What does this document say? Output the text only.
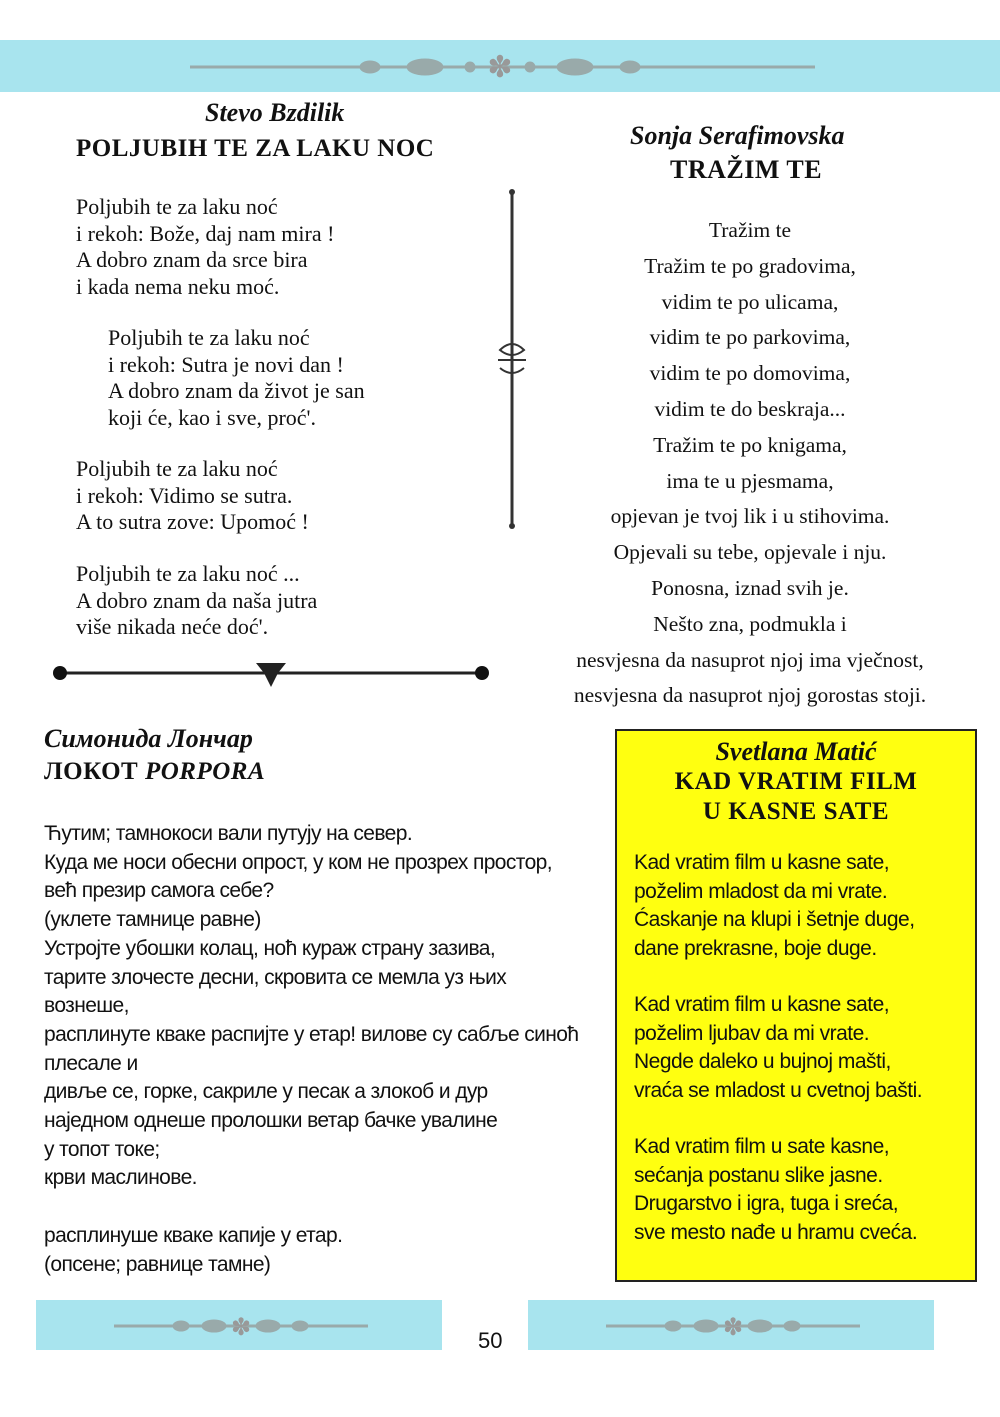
✽
Stevo Bzdilik
POLJUBIH TE ZA LAKU NOC

Poljubih te za laku noć
i rekoh: Bože, daj nam mira !
A dobro znam da srce bira
i kada nema neku moć.

Poljubih te za laku noć
i rekoh: Sutra je novi dan !
A dobro znam da život je san
koji će, kao i sve, proć'.

Poljubih te za laku noć
i rekoh: Vidimo se sutra.
A to sutra zove: Upomoć !

Poljubih te za laku noć ...
A dobro znam da naša jutra
više nikada neće doć'.

Sonja Serafimovska
TRAŽIM TE
Tražim te
Tražim te po gradovima,
vidim te po ulicama,
vidim te po parkovima,
vidim te po domovima,
vidim te do beskraja...
Tražim te po knigama,
ima te u pjesmama,
opjevan je tvoj lik i u stihovima.
Opjevali su tebe, opjevale i nju.
Ponosna, iznad svih je.
Nešto zna, podmukla i
nesvjesna da nasuprot njoj ima vječnost,
nesvjesna da nasuprot njoj gorostas stoji.
Симонида Лончар
ЛОКОТ PORPORA
Ћутим; тамнокоси вали путују на север.
Куда ме носи обесни опрост, у ком не прозрех простор,
већ презир самога себе?
(уклете тамнице равне)
Устројте убошки колац, ноћ кураж страну зазива,
тарите злочесте десни, скровита се мемла уз њих
вознеше,
расплинуте кваке распијте у етар! вилове су сабље синоћ
плесале и
дивље се, горке, сакриле у песак а злокоб и дур
наједном однеше пролошки ветар бачке увалине
у топот токе;
крви маслинове.
расплинуше кваке капије у етар.
(опсене; равнице тамне)
Svetlana Matić
KAD VRATIM FILM
U KASNE SATE
Kad vratim film u kasne sate,
poželim mladost da mi vrate.
Ćaskanje na klupi i šetnje duge,
dane prekrasne, boje duge.
Kad vratim film u kasne sate,
poželim ljubav da mi vrate.
Negde daleko u bujnoj mašti,
vraća se mladost u cvetnoj bašti.
Kad vratim film u sate kasne,
sećanja postanu slike jasne.
Drugarstvo i igra, tuga i sreća,
sve mesto nađe u hramu cveća.
✽	✽
50
